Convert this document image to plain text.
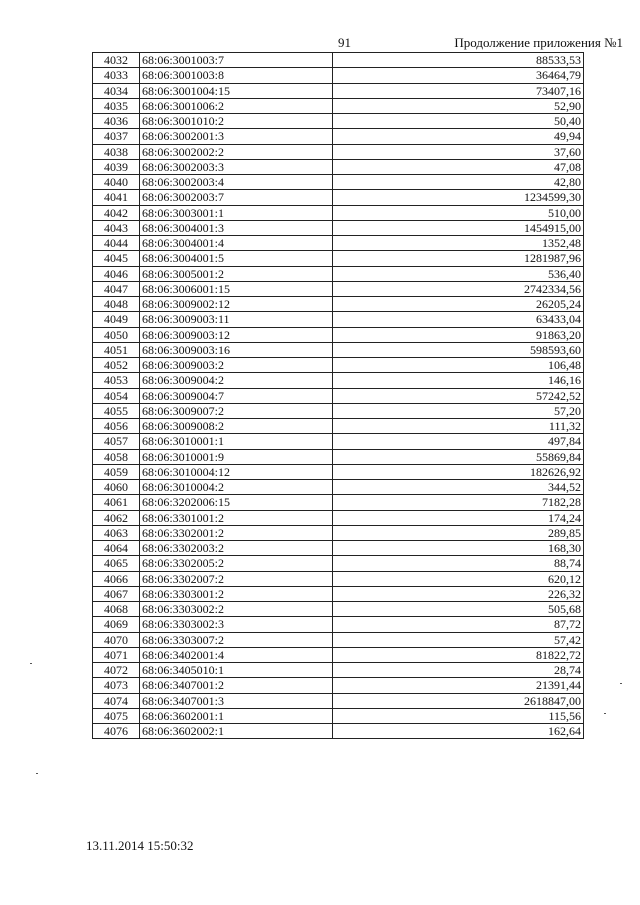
91	Продолжение приложения №1
4032	68:06:3001003:7	88533,53
4033	68:06:3001003:8	36464,79
4034	68:06:3001004:15	73407,16
4035	68:06:3001006:2	52,90
4036	68:06:3001010:2	50,40
4037	68:06:3002001:3	49,94
4038	68:06:3002002:2	37,60
4039	68:06:3002003:3	47,08
4040	68:06:3002003:4	42,80
4041	68:06:3002003:7	1234599,30
4042	68:06:3003001:1	510,00
4043	68:06:3004001:3	1454915,00
4044	68:06:3004001:4	1352,48
4045	68:06:3004001:5	1281987,96
4046	68:06:3005001:2	536,40
4047	68:06:3006001:15	2742334,56
4048	68:06:3009002:12	26205,24
4049	68:06:3009003:11	63433,04
4050	68:06:3009003:12	91863,20
4051	68:06:3009003:16	598593,60
4052	68:06:3009003:2	106,48
4053	68:06:3009004:2	146,16
4054	68:06:3009004:7	57242,52
4055	68:06:3009007:2	57,20
4056	68:06:3009008:2	111,32
4057	68:06:3010001:1	497,84
4058	68:06:3010001:9	55869,84
4059	68:06:3010004:12	182626,92
4060	68:06:3010004:2	344,52
4061	68:06:3202006:15	7182,28
4062	68:06:3301001:2	174,24
4063	68:06:3302001:2	289,85
4064	68:06:3302003:2	168,30
4065	68:06:3302005:2	88,74
4066	68:06:3302007:2	620,12
4067	68:06:3303001:2	226,32
4068	68:06:3303002:2	505,68
4069	68:06:3303002:3	87,72
4070	68:06:3303007:2	57,42
4071	68:06:3402001:4	81822,72
4072	68:06:3405010:1	28,74
4073	68:06:3407001:2	21391,44
4074	68:06:3407001:3	2618847,00
4075	68:06:3602001:1	115,56
4076	68:06:3602002:1	162,64
13.11.2014 15:50:32
